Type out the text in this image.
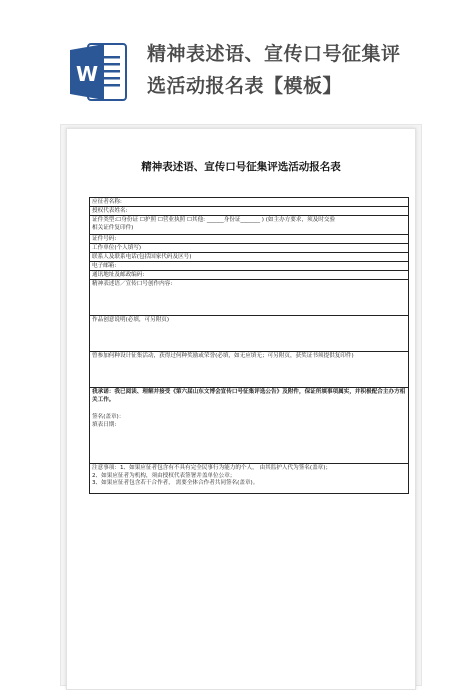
W
精神表述语、宣传口号征集评
选活动报名表【模板】
精神表述语、宣传口号征集评选活动报名表
应征者名称:
授权代表姓名:
证件类型:☐身份证 ☐护照 ☐营业执照 ☐其他: ______身份证_______ ) (如主办方要求，须及时交验
相关证件复印件)
证件号码:
工作单位(个人填写)
联系人及联系电话(包括国家代码及区号)
电子邮箱:
通讯地址及邮政编码:
精神表述语／宣传口号创作内容:
作品创意说明(必填，可另附页)
曾参加何种设计征集活动，获得过何种奖励或荣誉(必填，如无应填无；可另附页，获奖证书须提供复印件)
我承诺：我已阅读、理解并接受《第六届山东文博会宣传口号征集评选公告》及附件，保证所填事项属实，并积极配合主办方相关工作。
签名(盖章)：
填表日期:
注意事项：1、如果应征者包含有不具有完全民事行为能力的个人， 由其监护人代为签名(盖章)；
2、如果应征者为机构，须由授权代表签署并盖单位公章；
3、如果应征者包含若干合作者， 需要全体合作者共同签名(盖章)。
